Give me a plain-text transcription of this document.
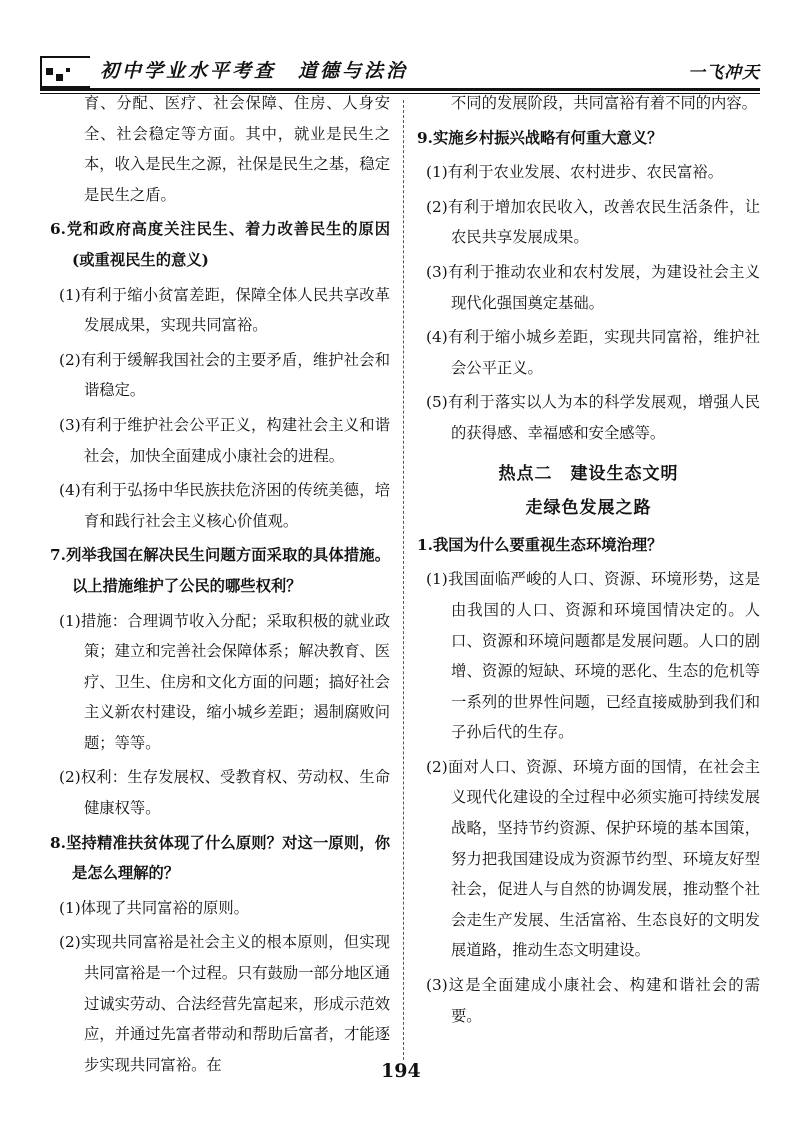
初中学业水平考查　道德与法治	一飞冲天

育、分配、医疗、社会保障、住房、人身安全、社会稳定等方面。其中，就业是民生之本，收入是民生之源，社保是民生之基，稳定是民生之盾。

6.党和政府高度关注民生、着力改善民生的原因(或重视民生的意义)

(1)有利于缩小贫富差距，保障全体人民共享改革发展成果，实现共同富裕。

(2)有利于缓解我国社会的主要矛盾，维护社会和谐稳定。

(3)有利于维护社会公平正义，构建社会主义和谐社会，加快全面建成小康社会的进程。

(4)有利于弘扬中华民族扶危济困的传统美德，培育和践行社会主义核心价值观。

7.列举我国在解决民生问题方面采取的具体措施。以上措施维护了公民的哪些权利？

(1)措施：合理调节收入分配；采取积极的就业政策；建立和完善社会保障体系；解决教育、医疗、卫生、住房和文化方面的问题；搞好社会主义新农村建设，缩小城乡差距；遏制腐败问题；等等。

(2)权利：生存发展权、受教育权、劳动权、生命健康权等。

8.坚持精准扶贫体现了什么原则？对这一原则，你是怎么理解的？

(1)体现了共同富裕的原则。

(2)实现共同富裕是社会主义的根本原则，但实现共同富裕是一个过程。只有鼓励一部分地区通过诚实劳动、合法经营先富起来，形成示范效应，并通过先富者带动和帮助后富者，才能逐步实现共同富裕。在

不同的发展阶段，共同富裕有着不同的内容。

9.实施乡村振兴战略有何重大意义？

(1)有利于农业发展、农村进步、农民富裕。

(2)有利于增加农民收入，改善农民生活条件，让农民共享发展成果。

(3)有利于推动农业和农村发展，为建设社会主义现代化强国奠定基础。

(4)有利于缩小城乡差距，实现共同富裕，维护社会公平正义。

(5)有利于落实以人为本的科学发展观，增强人民的获得感、幸福感和安全感等。

热点二　建设生态文明

走绿色发展之路

1.我国为什么要重视生态环境治理？

(1)我国面临严峻的人口、资源、环境形势，这是由我国的人口、资源和环境国情决定的。人口、资源和环境问题都是发展问题。人口的剧增、资源的短缺、环境的恶化、生态的危机等一系列的世界性问题，已经直接威胁到我们和子孙后代的生存。

(2)面对人口、资源、环境方面的国情，在社会主义现代化建设的全过程中必须实施可持续发展战略，坚持节约资源、保护环境的基本国策，努力把我国建设成为资源节约型、环境友好型社会，促进人与自然的协调发展，推动整个社会走生产发展、生活富裕、生态良好的文明发展道路，推动生态文明建设。

(3)这是全面建成小康社会、构建和谐社会的需要。

194
